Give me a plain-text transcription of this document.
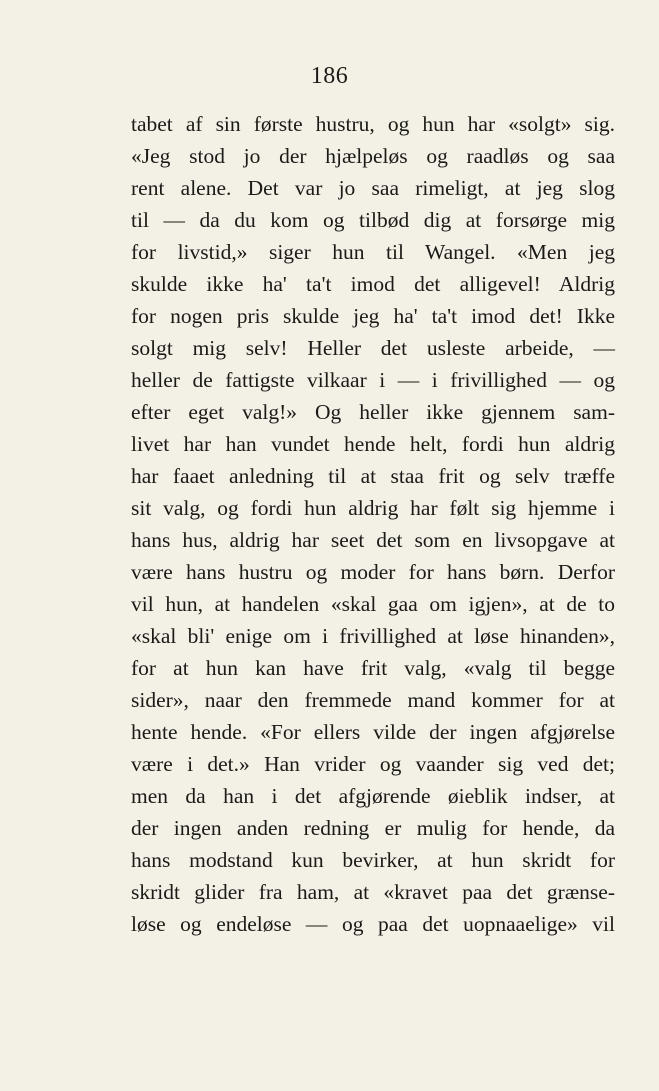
186
tabet af sin første hustru, og hun har «solgt» sig.
«Jeg stod jo der hjælpeløs og raadløs og saa
rent alene. Det var jo saa rimeligt, at jeg slog
til — da du kom og tilbød dig at forsørge mig
for livstid,» siger hun til Wangel. «Men jeg
skulde ikke ha' ta't imod det alligevel! Aldrig
for nogen pris skulde jeg ha' ta't imod det! Ikke
solgt mig selv! Heller det usleste arbeide, —
heller de fattigste vilkaar i — i frivillighed — og
efter eget valg!» Og heller ikke gjennem sam-
livet har han vundet hende helt, fordi hun aldrig
har faaet anledning til at staa frit og selv træffe
sit valg, og fordi hun aldrig har følt sig hjemme i
hans hus, aldrig har seet det som en livsopgave at
være hans hustru og moder for hans børn. Derfor
vil hun, at handelen «skal gaa om igjen», at de to
«skal bli' enige om i frivillighed at løse hinanden»,
for at hun kan have frit valg, «valg til begge
sider», naar den fremmede mand kommer for at
hente hende. «For ellers vilde der ingen afgjørelse
være i det.» Han vrider og vaander sig ved det;
men da han i det afgjørende øieblik indser, at
der ingen anden redning er mulig for hende, da
hans modstand kun bevirker, at hun skridt for
skridt glider fra ham, at «kravet paa det grænse-
løse og endeløse — og paa det uopnaaelige» vil
